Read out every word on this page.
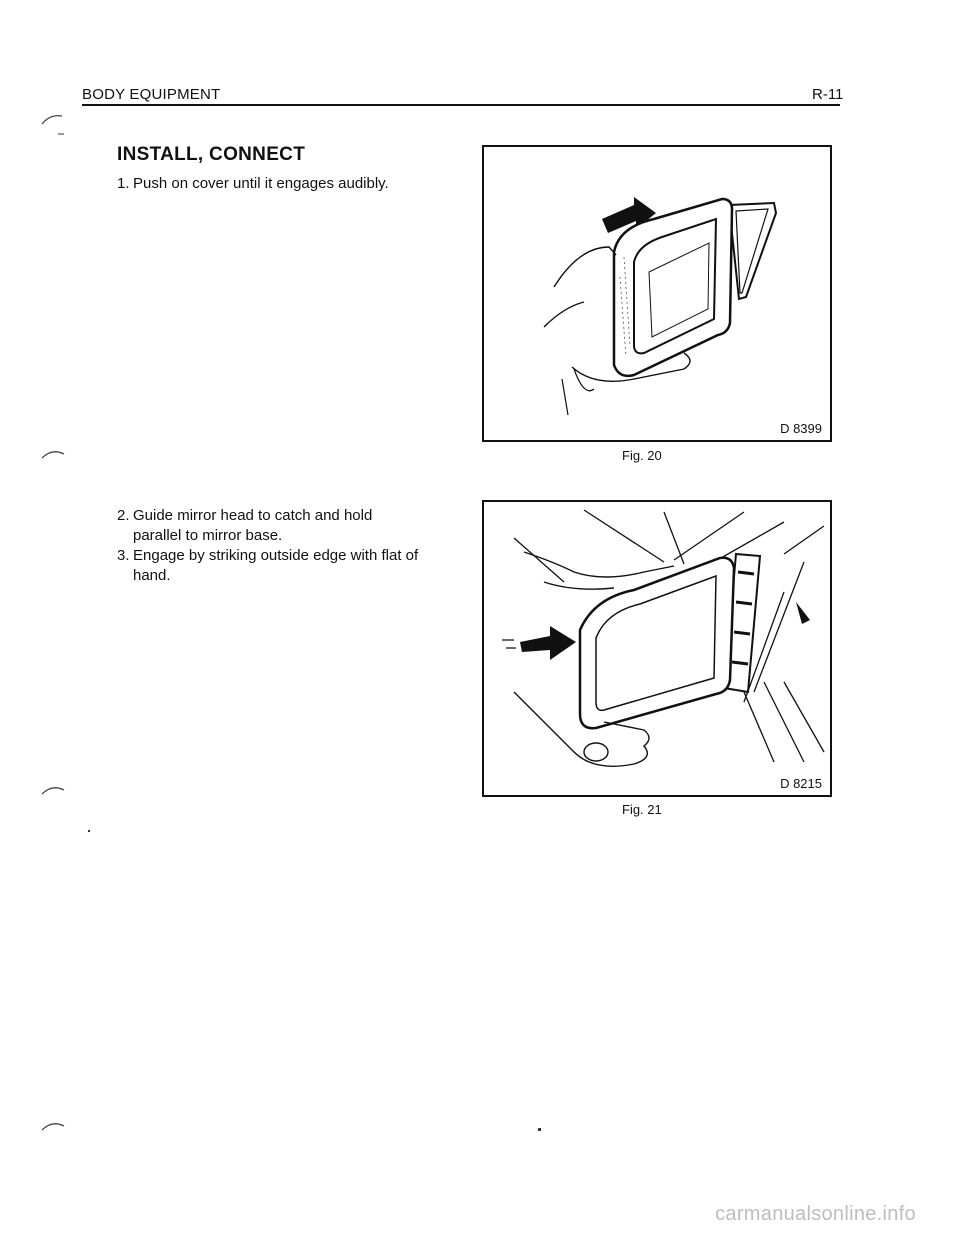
BODY EQUIPMENT	R-11
INSTALL, CONNECT
1. Push on cover until it engages audibly.
2. Guide mirror head to catch and hold parallel to mirror base.
3. Engage by striking outside edge with flat of hand.
D 8399
Fig. 20
D 8215
Fig. 21
carmanualsonline.info
